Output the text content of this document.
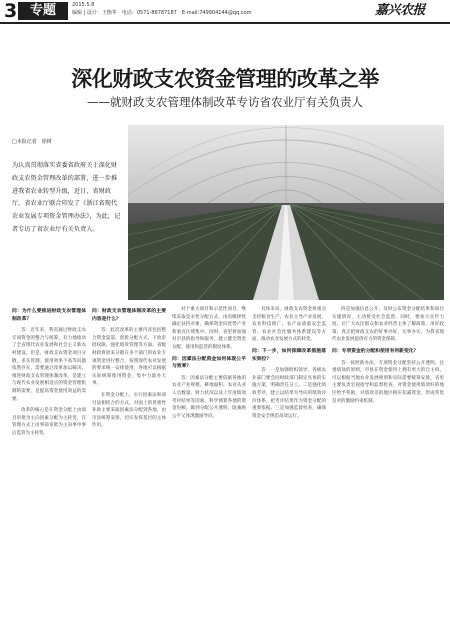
3 专题	2015.5.8
编辑 | 设计：王衡华　电话：0571-86787187　E-mail:749904144@qq.com	嘉兴农报
深化财政支农资金管理的改革之举
——就财政支农管理体制改革专访省农业厅有关负责人
□本报记者　徐树
为认真贯彻落实省委省政府关于深化财政支农资金管理改革的部署，进一步推进我省农业转型升级，近日，省财政厅、省农业厅联合印发了《浙江省现代农业发展专项资金管理办法》，为此，记者专访了省农业厅有关负责人。

问：为什么要推进财政支农管理体制改革？

答：近年来，我省通过财政支农专项资金的整合与统筹，有力地推动了全省现代农业发展和社会主义新农村建设。但是，财政支农资金项目分散、多头管理、使用效率不高等问题依然存在，需要通过改革加以解决。推进财政支农管理体制改革，是建立与现代农业发展相适应的资金管理机制的需要，是提高资金使用效益的需要。

改革的核心是在资金分配上由项目审批为主向因素分配为主转变，在管理方式上由事前审批为主向事中事后监管为主转变。

问：财政支农管理体制改革的主要内容是什么？

答：此次改革的主要内容包括整合资金渠道、创新分配方式、下放审批权限、强化绩效管理等方面。省级财政将原来分散在多个部门的农业专项资金进行整合，按照现代农业发展的要求统一安排使用，各地可以根据实际统筹使用资金，集中力量办大事。

在资金分配上，实行因素法和项目法相结合的方式，对面上的普惠性补助主要采取因素法分配到各地，由市县统筹安排，切实发挥基层的主体作用。

对于重大项目和示范性项目，继续采取竞争性分配方式，由省级择优确定扶持对象，确保资金向优势产业和重点区域集中。同时，省里将加强对市县的指导和服务，建立健全资金分配、使用和监管的制度体系。

问：因素法分配资金如何体现公平与效率？

答：因素法分配主要依据各地的农业产业规模、耕地面积、农业从业人员数量、财力状况以及上年度绩效考评结果等因素，科学测算各地的资金份额，做到分配公开透明，既兼顾公平又体现激励导向。

具体来说，财政支农资金将重点支持粮食生产、农业主导产业发展、农业科技推广、农产品质量安全监管、农业社会化服务体系建设等方面，推动农业发展方式的转变。

问：下一步，如何保障改革措施落实到位？

答：一是加强组织领导，各级农业部门要会同财政部门制定具体的实施方案，明确责任分工。二是强化绩效考评，建立以结果为导向的绩效评价体系，把考评结果作为资金分配的重要依据。三是加强监督检查，确保资金安全规范高效运行。

四是加强信息公开，及时公布资金分配结果和项目实施情况，主动接受社会监督。同时，要加大宣传力度，让广大农民群众和农业经营主体了解政策、用好政策，真正把财政支农的好事办好、实事办实，为我省现代农业发展提供有力的资金保障。

问：专项资金的分配和使用有何新变化？

答：按照新办法，专项资金分配坚持公开透明、注重绩效的原则，市县在资金使用上拥有更大的自主权，可以根据当地农业发展规划和实际需要统筹安排，省里主要负责宏观指导和监督检查，对资金使用绩效好的地区给予奖励，对绩效差的地区相应扣减资金，形成奖优罚劣的激励约束机制。
